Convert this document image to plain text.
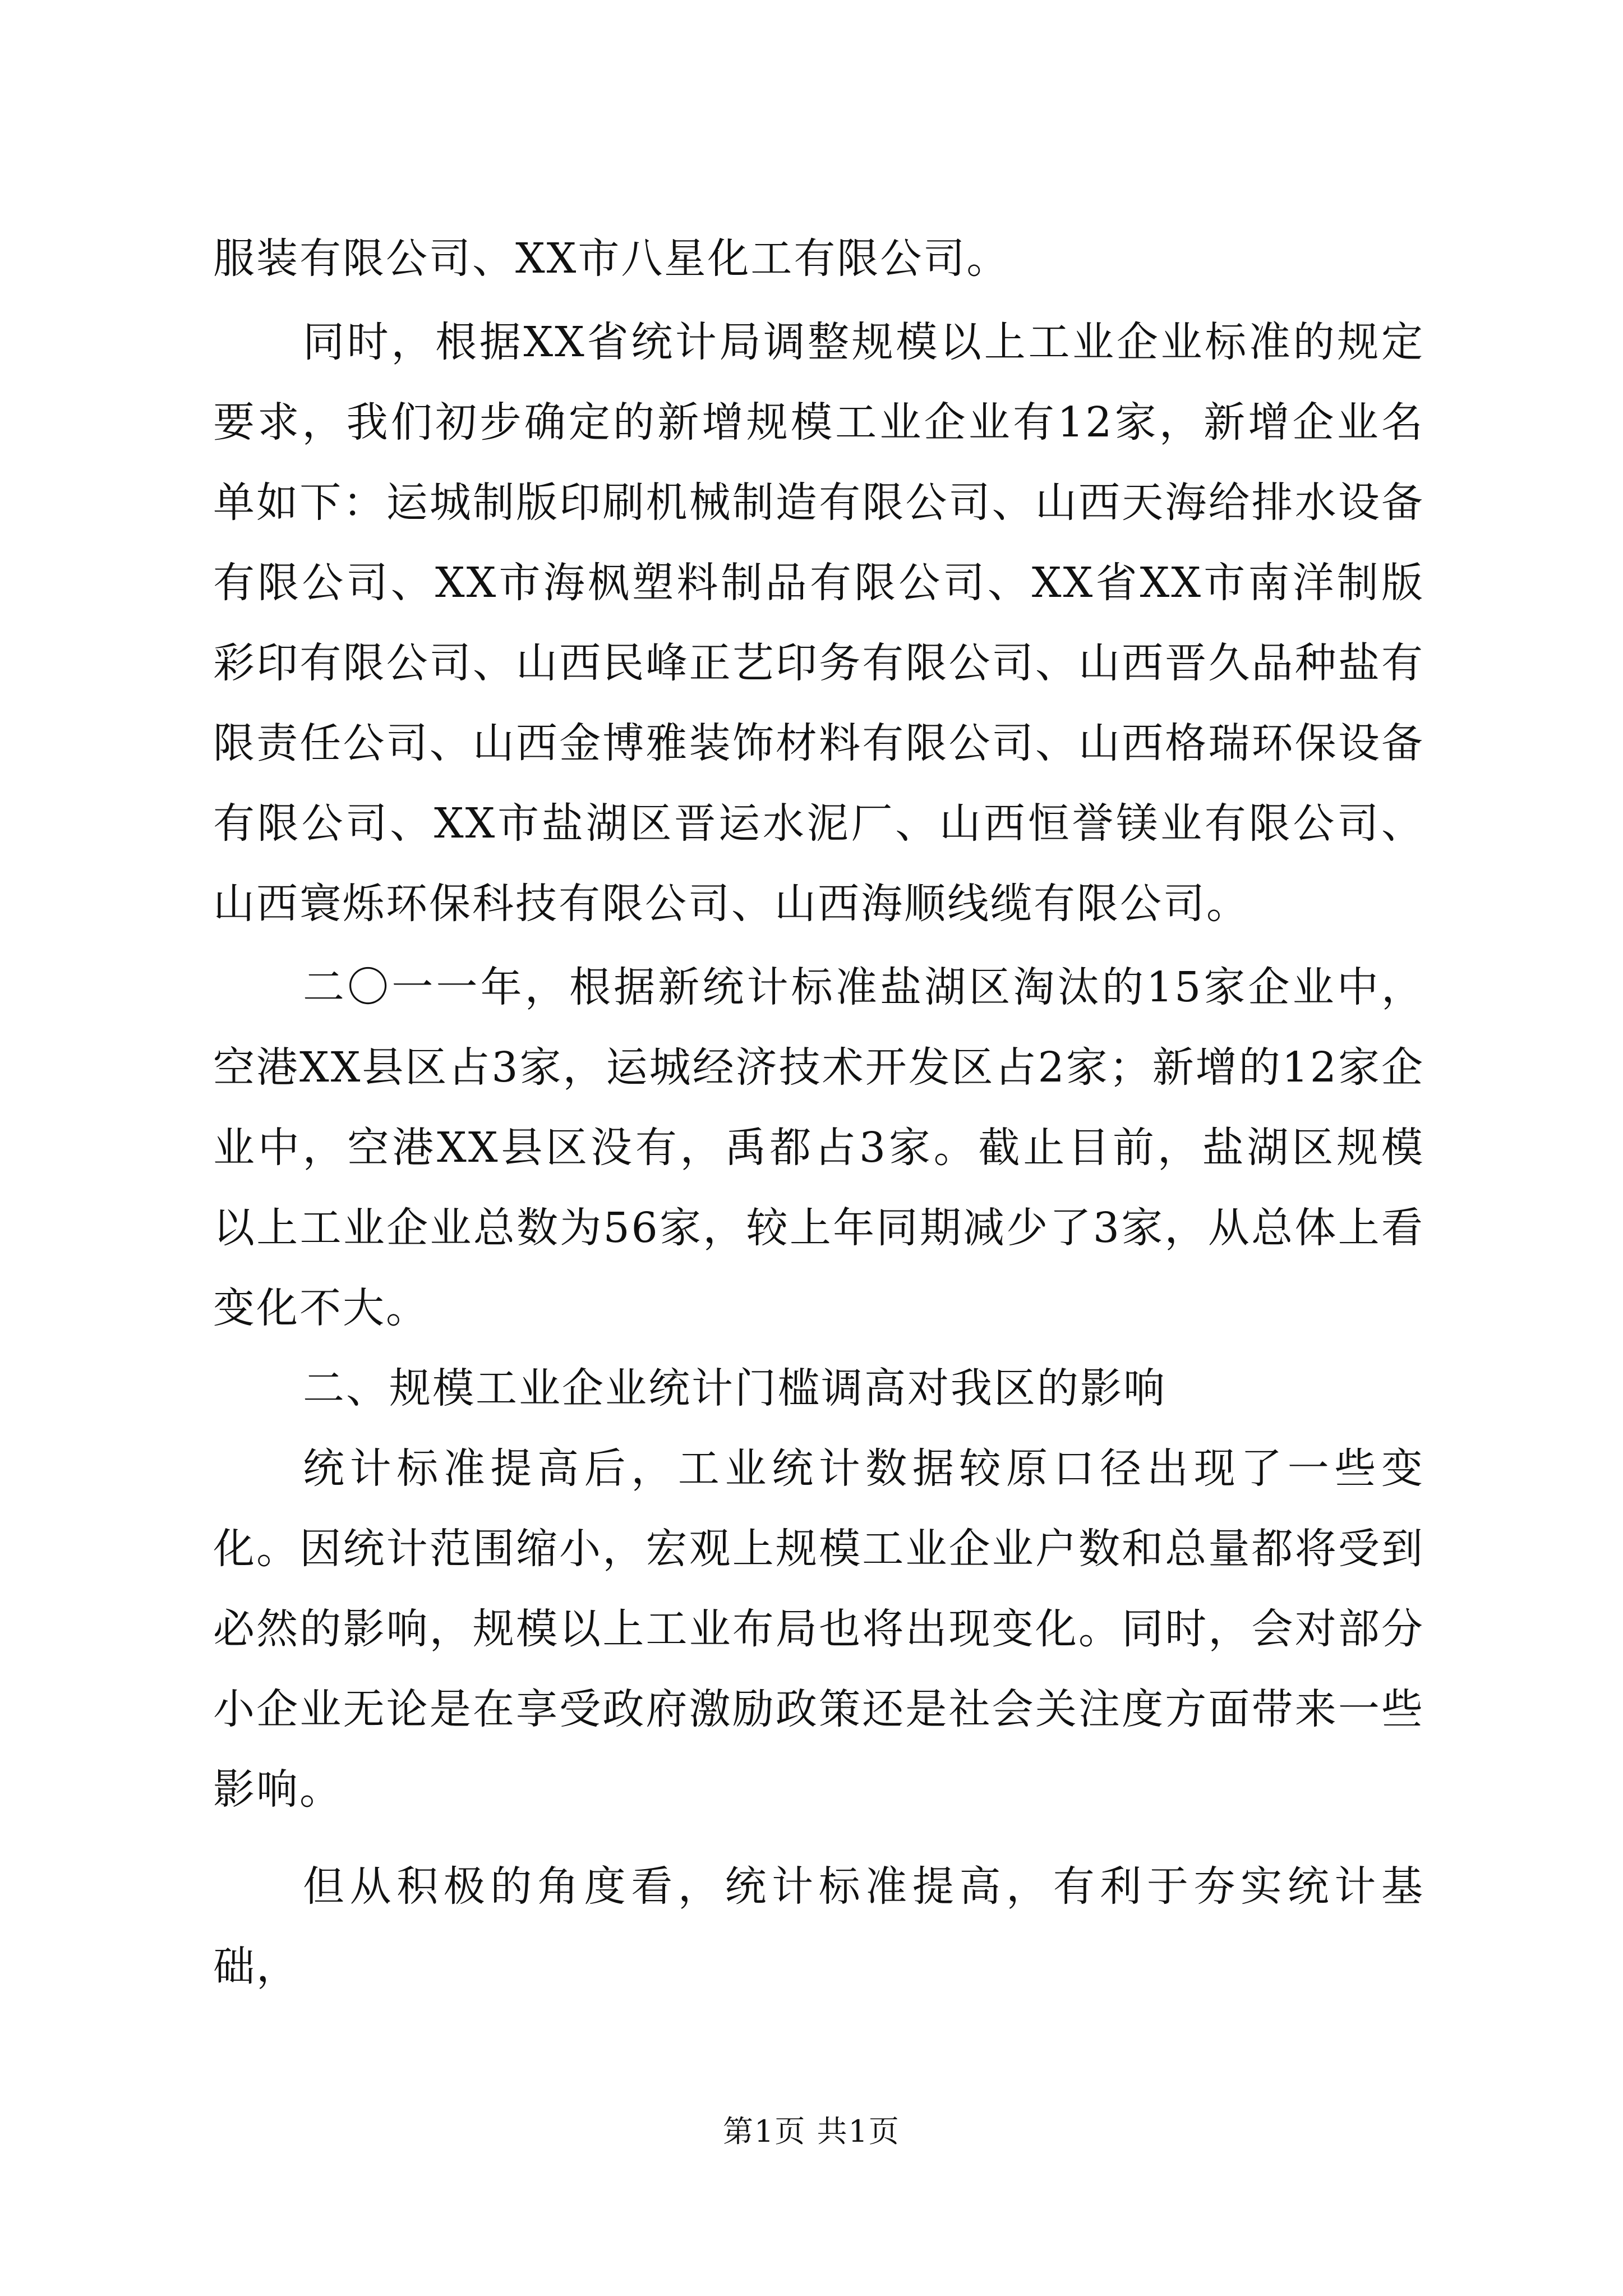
服装有限公司、XX市八星化工有限公司。

同时，根据XX省统计局调整规模以上工业企业标准的规定要求，我们初步确定的新增规模工业企业有12家，新增企业名单如下：运城制版印刷机械制造有限公司、山西天海给排水设备有限公司、XX市海枫塑料制品有限公司、XX省XX市南洋制版彩印有限公司、山西民峰正艺印务有限公司、山西晋久品种盐有限责任公司、山西金博雅装饰材料有限公司、山西格瑞环保设备有限公司、XX市盐湖区晋运水泥厂、山西恒誉镁业有限公司、山西寰烁环保科技有限公司、山西海顺线缆有限公司。

二〇一一年，根据新统计标准盐湖区淘汰的15家企业中，空港XX县区占3家，运城经济技术开发区占2家；新增的12家企业中，空港XX县区没有，禹都占3家。截止目前，盐湖区规模以上工业企业总数为56家，较上年同期减少了3家，从总体上看变化不大。

二、规模工业企业统计门槛调高对我区的影响

统计标准提高后，工业统计数据较原口径出现了一些变化。因统计范围缩小，宏观上规模工业企业户数和总量都将受到必然的影响，规模以上工业布局也将出现变化。同时，会对部分小企业无论是在享受政府激励政策还是社会关注度方面带来一些影响。

但从积极的角度看，统计标准提高，有利于夯实统计基础，

第1页 共1页
